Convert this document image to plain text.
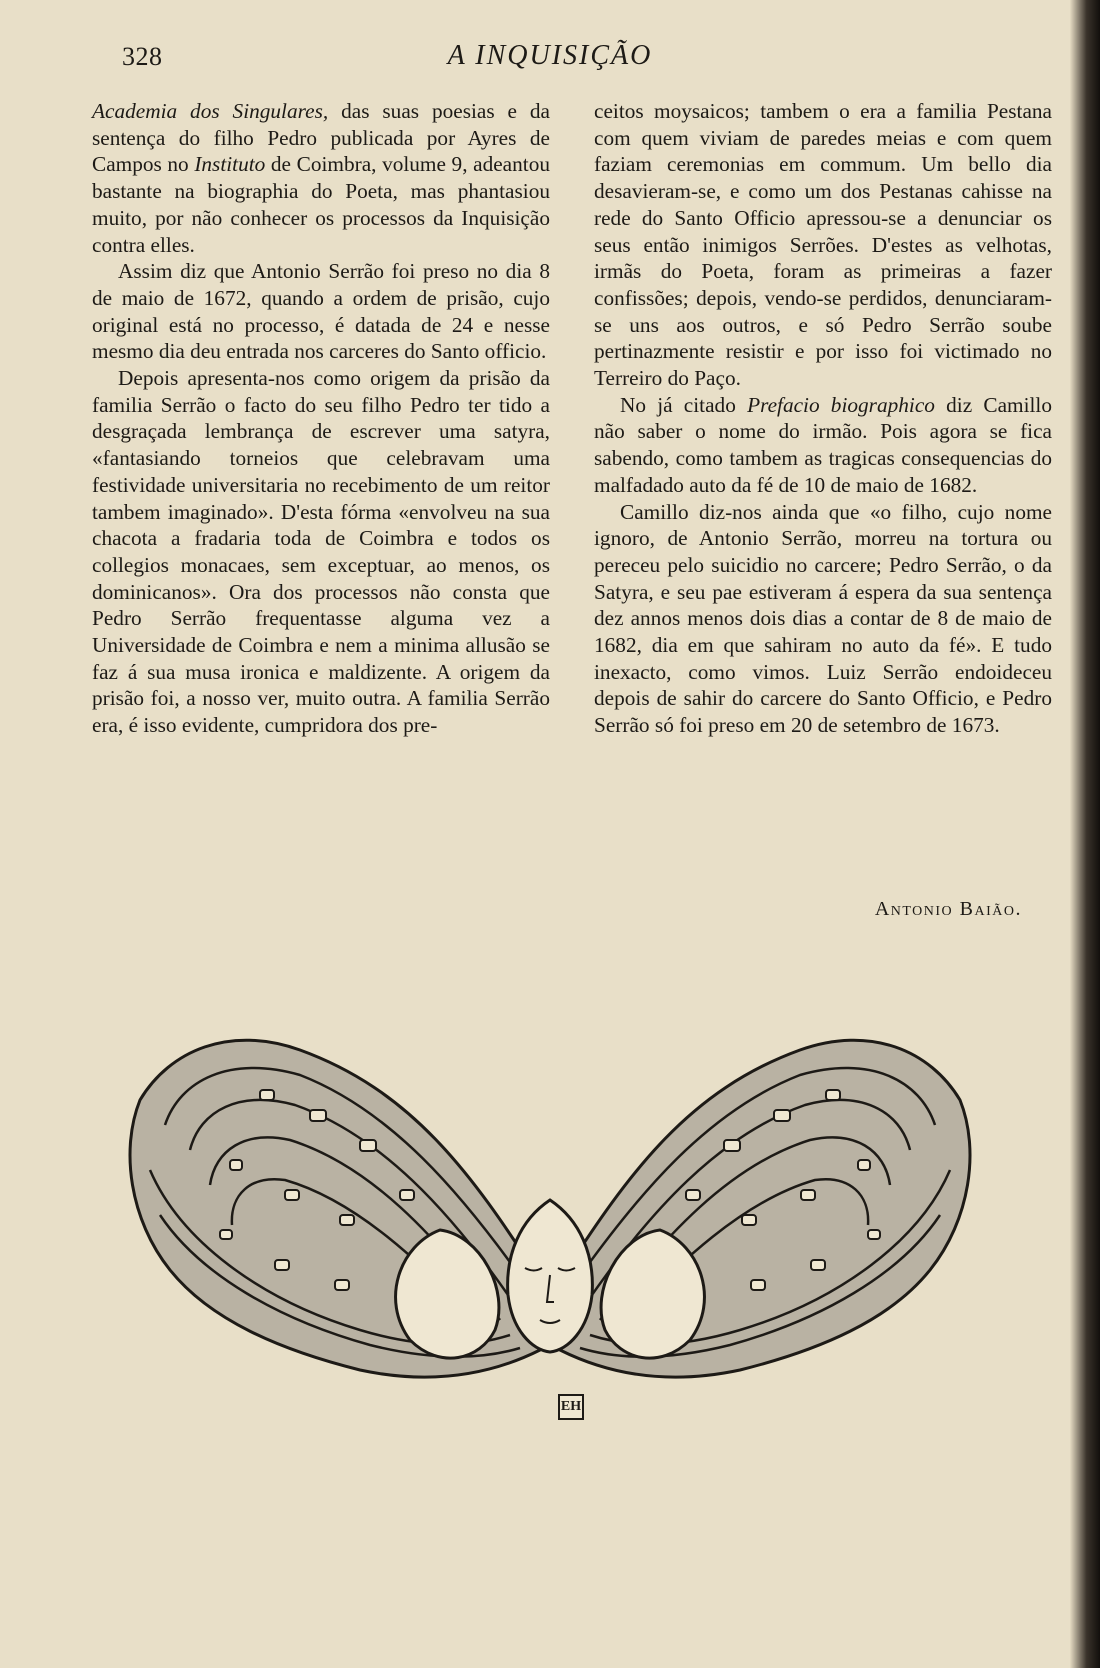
328	A INQUISIÇÃO

Academia dos Singulares, das suas poesias e da sentença do filho Pedro publicada por Ayres de Campos no Instituto de Coimbra, volume 9, adeantou bastante na biographia do Poeta, mas phantasiou muito, por não conhecer os processos da Inquisição contra elles.

Assim diz que Antonio Serrão foi preso no dia 8 de maio de 1672, quando a ordem de prisão, cujo original está no processo, é datada de 24 e nesse mesmo dia deu entrada nos carceres do Santo officio.

Depois apresenta-nos como origem da prisão da familia Serrão o facto do seu filho Pedro ter tido a desgraçada lembrança de escrever uma satyra, «fantasiando torneios que celebravam uma festividade universitaria no recebimento de um reitor tambem imaginado». D'esta fórma «envolveu na sua chacota a fradaria toda de Coimbra e todos os collegios monacaes, sem exceptuar, ao menos, os dominicanos». Ora dos processos não consta que Pedro Serrão frequentasse alguma vez a Universidade de Coimbra e nem a minima allusão se faz á sua musa ironica e maldizente. A origem da prisão foi, a nosso ver, muito outra. A familia Serrão era, é isso evidente, cumpridora dos pre-

ceitos moysaicos; tambem o era a familia Pestana com quem viviam de paredes meias e com quem faziam ceremonias em commum. Um bello dia desavieram-se, e como um dos Pestanas cahisse na rede do Santo Officio apressou-se a denunciar os seus então inimigos Serrões. D'estes as velhotas, irmãs do Poeta, foram as primeiras a fazer confissões; depois, vendo-se perdidos, denunciaram-se uns aos outros, e só Pedro Serrão soube pertinazmente resistir e por isso foi victimado no Terreiro do Paço.

No já citado Prefacio biographico diz Camillo não saber o nome do irmão. Pois agora se fica sabendo, como tambem as tragicas consequencias do malfadado auto da fé de 10 de maio de 1682.

Camillo diz-nos ainda que «o filho, cujo nome ignoro, de Antonio Serrão, morreu na tortura ou pereceu pelo suicidio no carcere; Pedro Serrão, o da Satyra, e seu pae estiveram á espera da sua sentença dez annos menos dois dias a contar de 8 de maio de 1682, dia em que sahiram no auto da fé». E tudo inexacto, como vimos. Luiz Serrão endoideceu depois de sahir do carcere do Santo Officio, e Pedro Serrão só foi preso em 20 de setembro de 1673.

Antonio Baião.
EH
